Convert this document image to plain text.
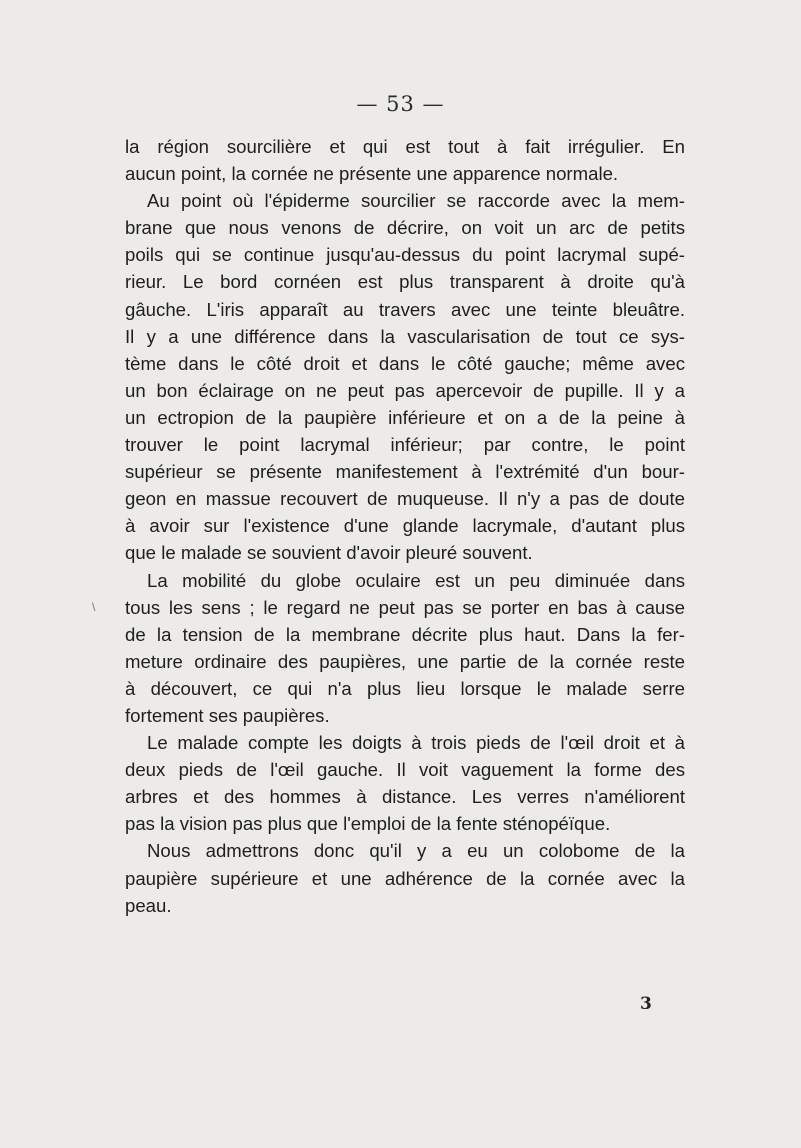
— 53 —
\

la région sourcilière et qui est tout à fait irrégulier. En
aucun point, la cornée ne présente une apparence normale.

Au point où l'épiderme sourcilier se raccorde avec la mem-
brane que nous venons de décrire, on voit un arc de petits
poils qui se continue jusqu'au-dessus du point lacrymal supé-
rieur. Le bord cornéen est plus transparent à droite qu'à
gâuche. L'iris apparaît au travers avec une teinte bleuâtre.
Il y a une différence dans la vascularisation de tout ce sys-
tème dans le côté droit et dans le côté gauche; même avec
un bon éclairage on ne peut pas apercevoir de pupille. Il y a
un ectropion de la paupière inférieure et on a de la peine à
trouver le point lacrymal inférieur; par contre, le point
supérieur se présente manifestement à l'extrémité d'un bour-
geon en massue recouvert de muqueuse. Il n'y a pas de doute
à avoir sur l'existence d'une glande lacrymale, d'autant plus
que le malade se souvient d'avoir pleuré souvent.

La mobilité du globe oculaire est un peu diminuée dans
tous les sens ; le regard ne peut pas se porter en bas à cause
de la tension de la membrane décrite plus haut. Dans la fer-
meture ordinaire des paupières, une partie de la cornée reste
à découvert, ce qui n'a plus lieu lorsque le malade serre
fortement ses paupières.

Le malade compte les doigts à trois pieds de l'œil droit et à
deux pieds de l'œil gauche. Il voit vaguement la forme des
arbres et des hommes à distance. Les verres n'améliorent
pas la vision pas plus que l'emploi de la fente sténopéïque.

Nous admettrons donc qu'il y a eu un colobome de la
paupière supérieure et une adhérence de la cornée avec la
peau.

3
